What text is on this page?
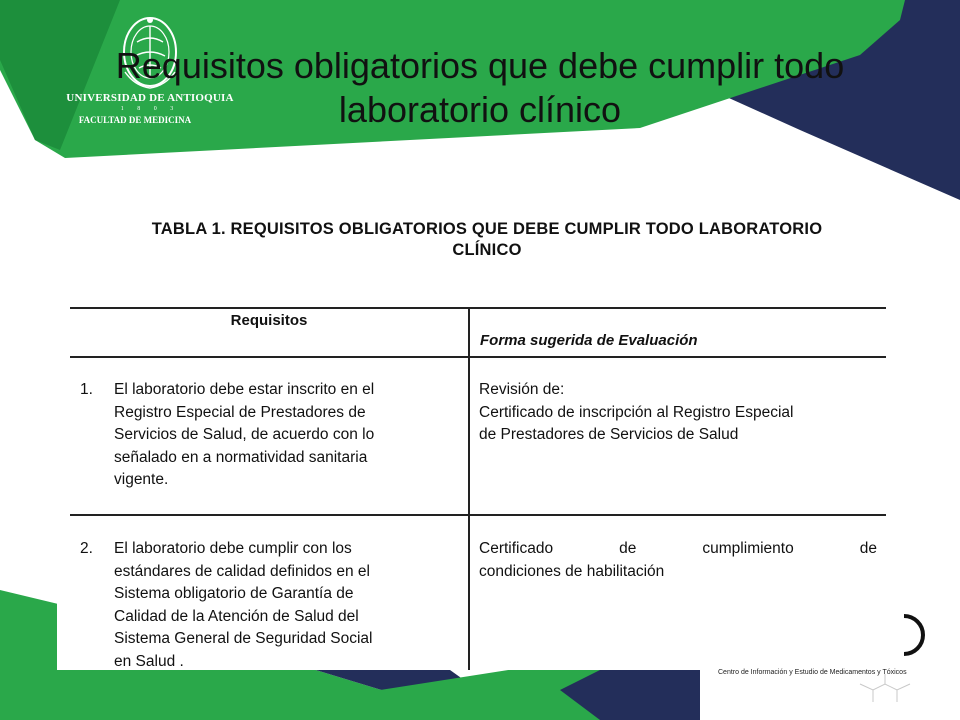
UNIVERSIDAD DE ANTIOQUIA
1 8 0 3
FACULTAD DE MEDICINA
Requisitos obligatorios que debe cumplir todo
laboratorio clínico

TABLA 1. REQUISITOS OBLIGATORIOS QUE DEBE CUMPLIR TODO LABORATORIO
CLÍNICO

Requisitos
Forma sugerida de Evaluación
1. El laboratorio debe estar inscrito en el
Registro Especial de Prestadores de
Servicios de Salud, de acuerdo con lo
señalado en a normatividad sanitaria
vigente.
Revisión de:
Certificado de inscripción al Registro Especial
de Prestadores de Servicios de Salud
2. El laboratorio debe cumplir con los
estándares de calidad definidos en el
Sistema obligatorio de Garantía de
Calidad de la Atención de Salud del
Sistema General de Seguridad Social
en Salud .
Certificado de cumplimiento de
condiciones de habilitación
Centro de Información y Estudio de Medicamentos y Tóxicos
